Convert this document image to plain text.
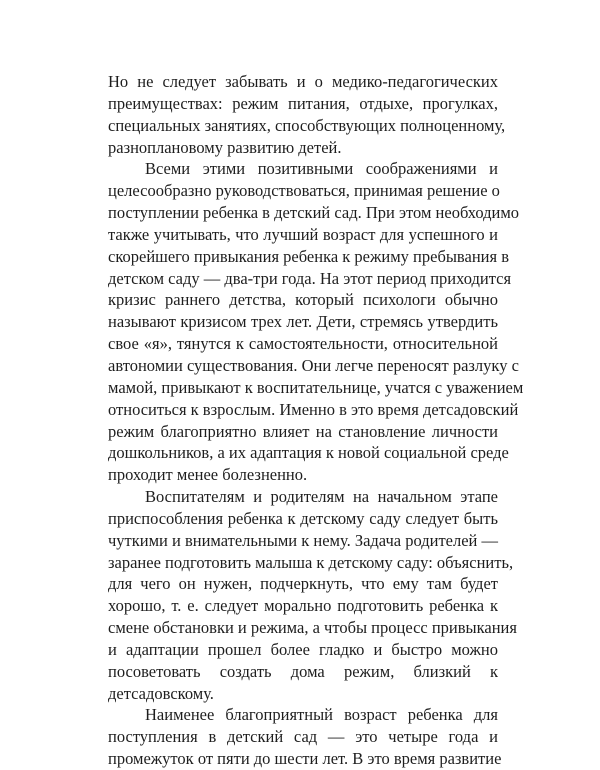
Но не следует забывать и о медико-педагогических
преимуществах: режим питания, отдыхе, прогулках,
специальных занятиях, способствующих полноценному,
разноплановому развитию детей.
Всеми этими позитивными соображениями и
целесообразно руководствоваться, принимая решение о
поступлении ребенка в детский сад. При этом необходимо
также учитывать, что лучший возраст для успешного и
скорейшего привыкания ребенка к режиму пребывания в
детском саду — два-три года. На этот период приходится
кризис раннего детства, который психологи обычно
называют кризисом трех лет. Дети, стремясь утвердить
свое «я», тянутся к самостоятельности, относительной
автономии существования. Они легче переносят разлуку с
мамой, привыкают к воспитательнице, учатся с уважением
относиться к взрослым. Именно в это время детсадовский
режим благоприятно влияет на становление личности
дошкольников, а их адаптация к новой социальной среде
проходит менее болезненно.
Воспитателям и родителям на начальном этапе
приспособления ребенка к детскому саду следует быть
чуткими и внимательными к нему. Задача родителей —
заранее подготовить малыша к детскому саду: объяснить,
для чего он нужен, подчеркнуть, что ему там будет
хорошо, т. е. следует морально подготовить ребенка к
смене обстановки и режима, а чтобы процесс привыкания
и адаптации прошел более гладко и быстро можно
посоветовать создать дома режим, близкий к
детсадовскому.
Наименее благоприятный возраст ребенка для
поступления в детский сад — это четыре года и
промежуток от пяти до шести лет. В это время развитие
